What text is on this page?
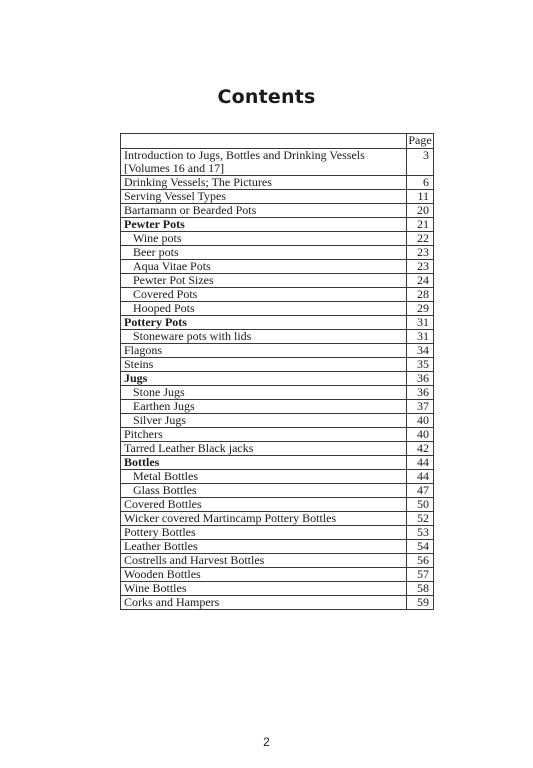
Contents
	Page
Introduction to Jugs, Bottles and Drinking Vessels [Volumes 16 and 17]	3
Drinking Vessels; The Pictures	6
Serving Vessel Types	11
Bartamann or Bearded Pots	20
Pewter Pots	21
Wine pots	22
Beer pots	23
Aqua Vitae Pots	23
Pewter Pot Sizes	24
Covered Pots	28
Hooped Pots	29
Pottery Pots	31
Stoneware pots with lids	31
Flagons	34
Steins	35
Jugs	36
Stone Jugs	36
Earthen Jugs	37
Silver Jugs	40
Pitchers	40
Tarred Leather Black jacks	42
Bottles	44
Metal Bottles	44
Glass Bottles	47
Covered Bottles	50
Wicker covered Martincamp Pottery Bottles	52
Pottery Bottles	53
Leather Bottles	54
Costrells and Harvest Bottles	56
Wooden Bottles	57
Wine Bottles	58
Corks and Hampers	59
2
